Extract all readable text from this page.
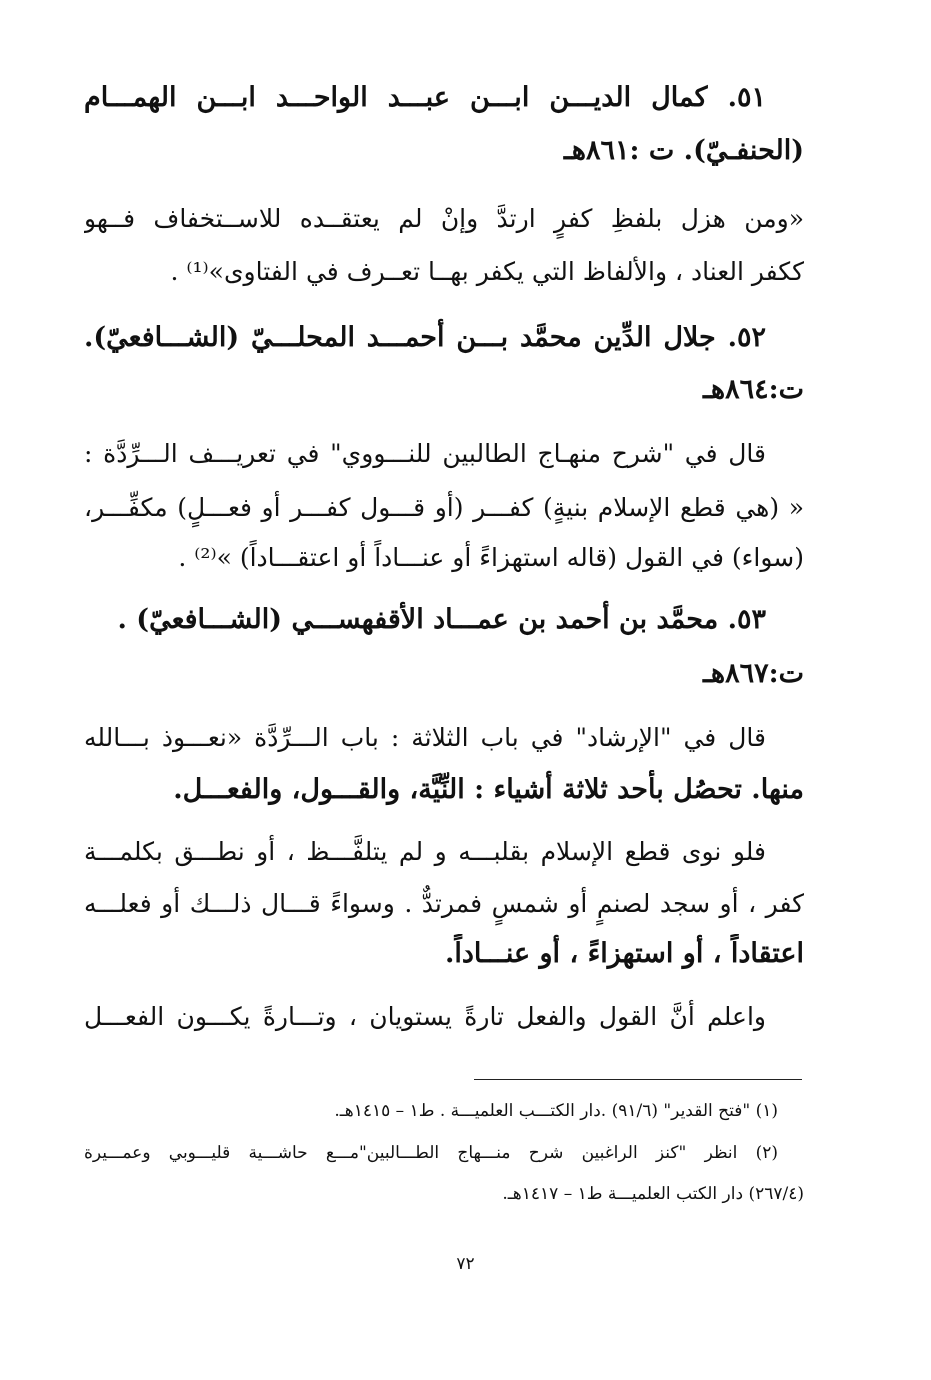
٥١. كمال الديـــن ابـــن عبـــد الواحـــد ابـــن الهمـــام
(الحنفـيّ). ت :٨٦١هـ
«ومن هزل بلفظِ كفرٍ ارتدَّ وإنْ لم يعتقــده للاســتخفاف فــهو
ككفر العناد ، والألفاظ التي يكفر بهــا تعــرف في الفتاوى»⁽¹⁾ .
٥٢. جلال الدِّين محمَّد بـــن أحمـــد المحلـــيّ (الشـــافعيّ).
ت:٨٦٤هـ
قال في "شرح منهـاج الطالبين للنـــووي" في تعريـــف الـــرِّدَّة :
« (هي قطع الإسلام بنيةٍ) كفـــر (أو قـــول كفـــر أو فعـــلٍ) مكفِّـــر،
(سواء) في القول (قاله استهزاءً أو عنـــاداً أو اعتقـــاداً) »⁽²⁾ .
٥٣. محمَّد بن أحمد بن عمـــاد الأقفهســـي (الشـــافعيّ) .
ت:٨٦٧هـ
قال في "الإرشاد" في باب الثلاثة : باب الـــرِّدَّة «نعـــوذ بـــالله
منها. تحصُل بأحد ثلاثة أشياء : النِّيَّة، والقـــول، والفعـــل.
فلو نوى قطع الإسلام بقلبـــه و لم يتلفَّـــظ ، أو نطـــق بكلمـــة
كفر ، أو سجد لصنمٍ أو شمسٍ فمرتدٌّ . وسواءً قـــال ذلـــك أو فعلـــه
اعتقاداً ، أو استهزاءً ، أو عنـــاداً.
واعلم أنَّ القول والفعل تارةً يستويان ، وتـــارةً يكـــون الفعـــل
(١) "فتح القدير" (٩١/٦) .دار الكتـــب العلميـــة . ط١ – ١٤١٥هـ.
(٢) انظر "كنز الراغبين شرح منـــهاج الطـــالبين"مـــع حاشـــية قليـــوبي وعمـــيرة
(٢٦٧/٤) دار الكتب العلميـــة ط١ – ١٤١٧هـ.
٧٢
